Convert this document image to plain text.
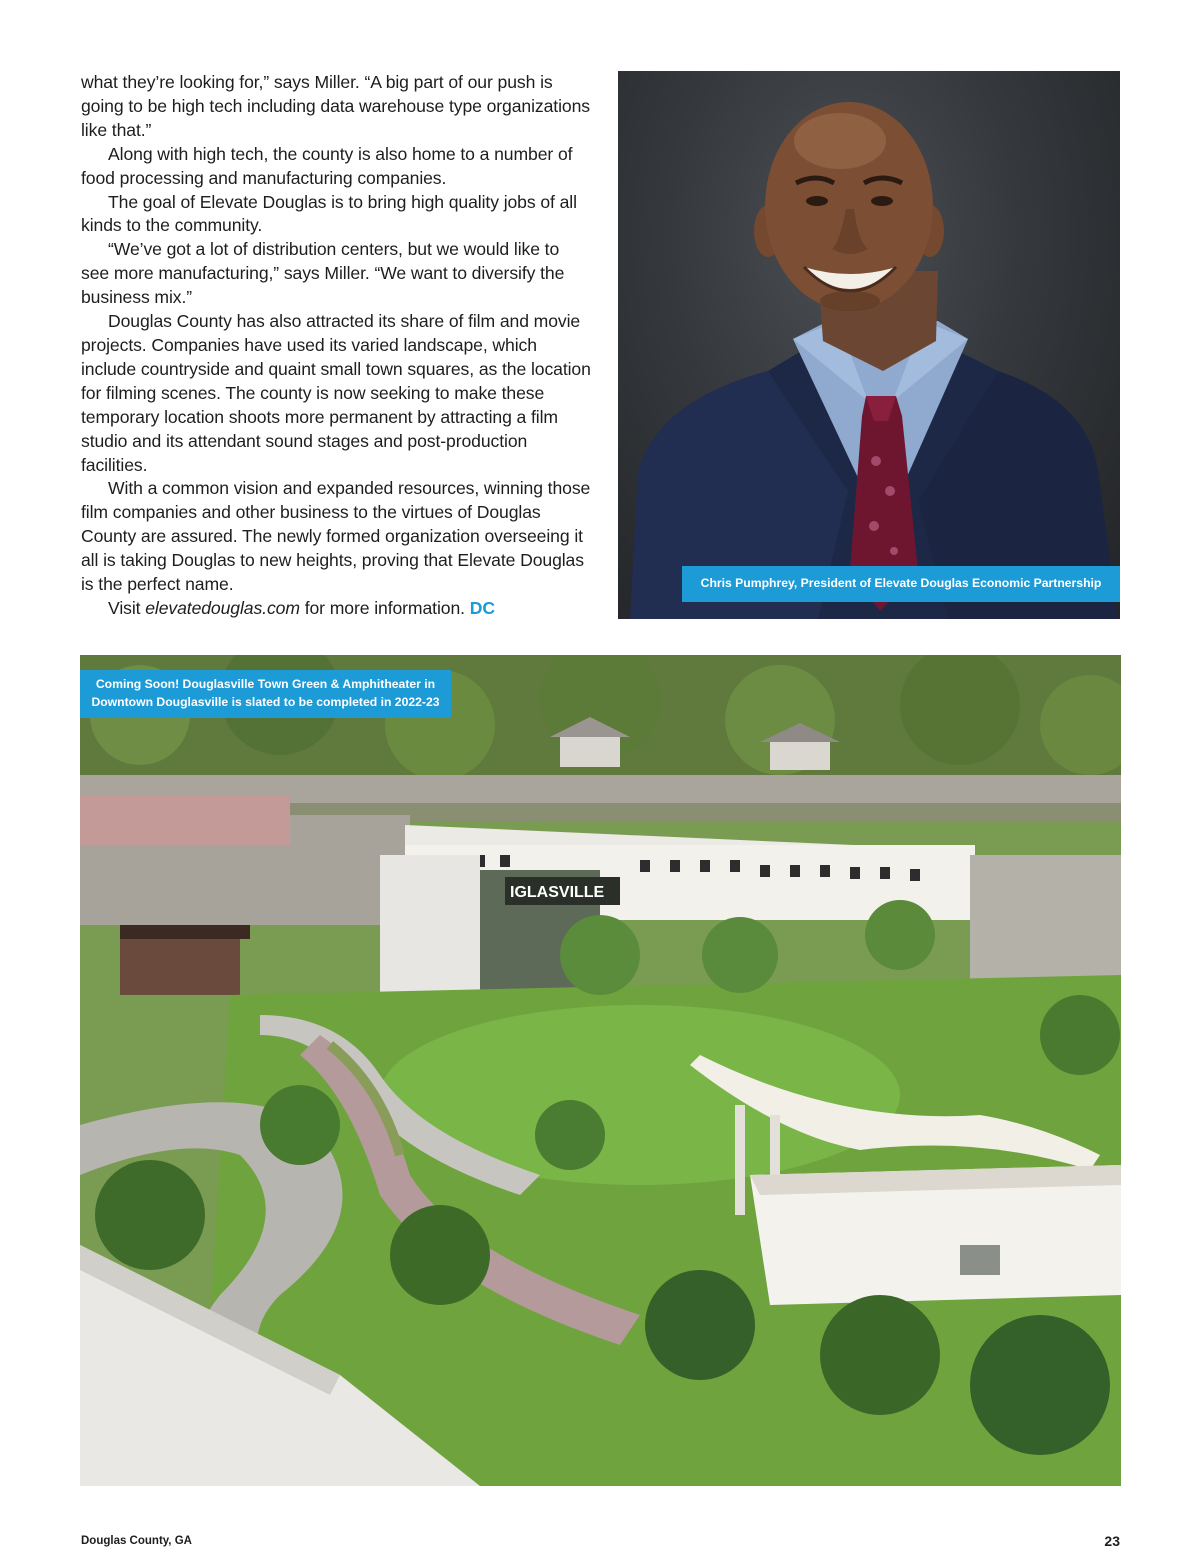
what they’re looking for,” says Miller. “A big part of our push is going to be high tech including data warehouse type organizations like that.”

Along with high tech, the county is also home to a number of food processing and manufacturing companies.

The goal of Elevate Douglas is to bring high quality jobs of all kinds to the community.

“We’ve got a lot of distribution centers, but we would like to see more manufacturing,” says Miller. “We want to diversify the business mix.”

Douglas County has also attracted its share of film and movie projects. Companies have used its varied landscape, which include countryside and quaint small town squares, as the location for filming scenes. The county is now seeking to make these temporary location shoots more permanent by attracting a film studio and its attendant sound stages and post-production facilities.

With a common vision and expanded resources, winning those film companies and other business to the virtues of Douglas County are assured. The newly formed organization overseeing it all is taking Douglas to new heights, proving that Elevate Douglas is the perfect name.

Visit elevatedouglas.com for more information. DC

Chris Pumphrey, President of Elevate Douglas Economic Partnership
IGLASVILLE
Coming Soon! Douglasville Town Green & Amphitheater in
Downtown Douglasville is slated to be completed in 2022-23
Douglas County, GA	23
